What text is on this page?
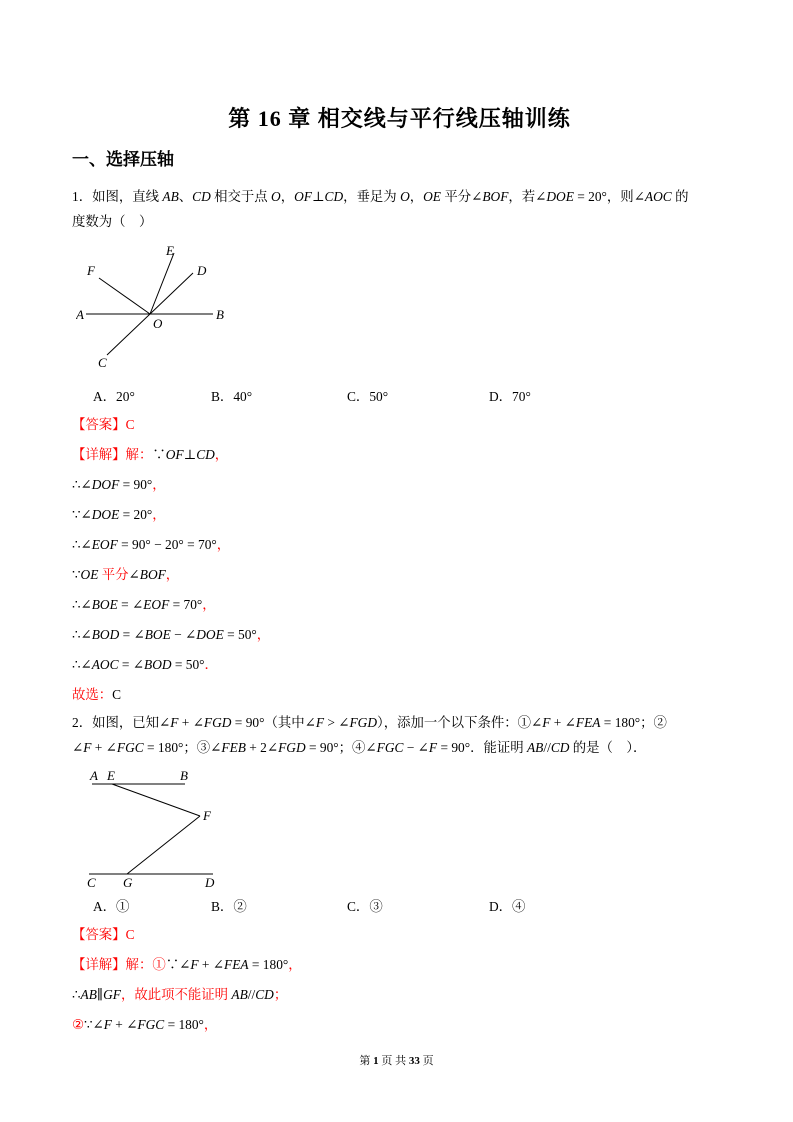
第 16 章 相交线与平行线压轴训练
一、选择压轴

1．如图，直线 AB、CD 相交于点 O，OF⊥CD，垂足为 O，OE 平分∠BOF，若∠DOE = 20°，则∠AOC 的

度数为（　）

E
D
F
A	B
O
C
A．20°	B．40°	C．50°	D．70°

【答案】C

【详解】解：∵OF⊥CD，

∴∠DOF = 90°，

∵∠DOE = 20°，

∴∠EOF = 90° − 20° = 70°，

∵OE 平分∠BOF，

∴∠BOE = ∠EOF = 70°，

∴∠BOD = ∠BOE − ∠DOE = 50°，

∴∠AOC = ∠BOD = 50°．

故选：C

2．如图，已知∠F + ∠FGD = 90°（其中∠F > ∠FGD），添加一个以下条件：①∠F + ∠FEA = 180°；②

∠F + ∠FGC = 180°；③∠FEB + 2∠FGD = 90°；④∠FGC − ∠F = 90°．能证明 AB//CD 的是（　）．

A E	B
F
C G	D
A．①	B．②	C．③	D．④

【答案】C

【详解】解：①∵∠F + ∠FEA = 180°，

∴AB∥GF，故此项不能证明 AB//CD；

②∵∠F + ∠FGC = 180°，

第 1 页 共 33 页
